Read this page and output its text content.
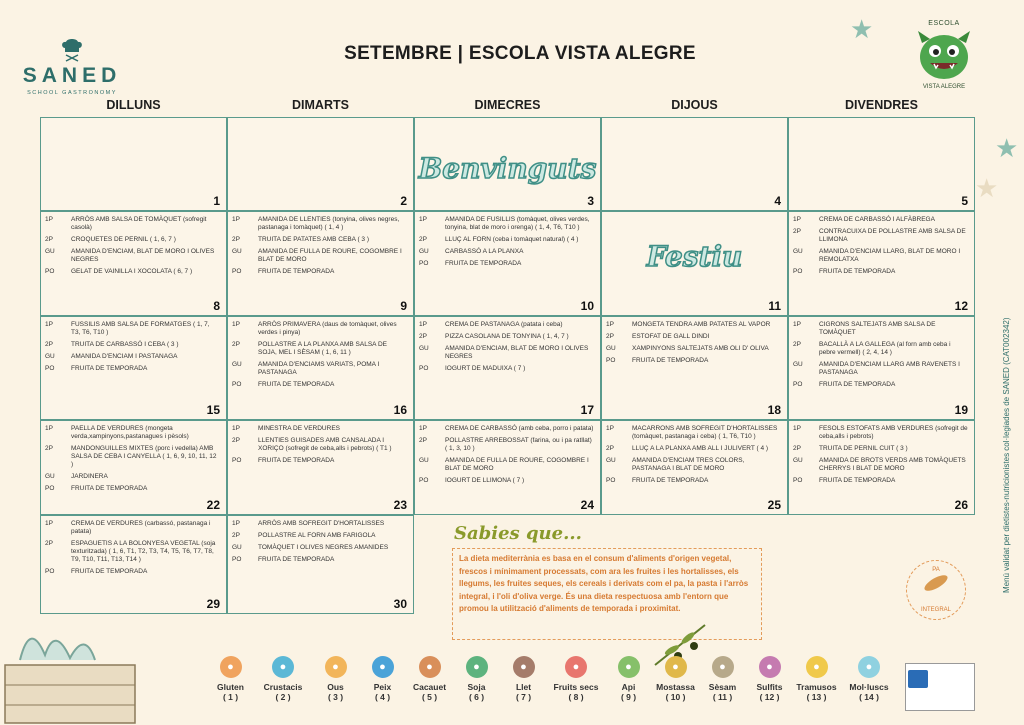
SANED
SCHOOL GASTRONOMY
SETEMBRE | ESCOLA VISTA ALEGRE
★
★
★
ESCOLA
VISTA ALEGRE
Menú validat per dietistes-nutricionistes col·legiades de SANED (CAT002342)
DILLUNS	DIMARTS	DIMECRES	DIJOUS	DIVENDRES
1	2
Benvinguts
3	4	5
1P	ARRÒS AMB SALSA DE TOMÀQUET (sofregit casolà)
2P	CROQUETES DE PERNIL ( 1, 6, 7 )
GU	AMANIDA D'ENCIAM, BLAT DE MORO I OLIVES NEGRES
PO	GELAT DE VAINILLA I XOCOLATA ( 6, 7 )
8
1P	AMANIDA DE LLENTIES (tonyina, olives negres, pastanaga i tomàquet) ( 1, 4 )
2P	TRUITA DE PATATES AMB CEBA ( 3 )
GU	AMANIDA DE FULLA DE ROURE, COGOMBRE I BLAT DE MORO
PO	FRUITA DE TEMPORADA
9
1P	AMANIDA DE FUSILLIS (tomàquet, olives verdes, tonyina, blat de moro i orenga) ( 1, 4, T6, T10 )
2P	LLUÇ AL FORN (ceba i tomàquet natural) ( 4 )
GU	CARBASSÓ A LA PLANXA
PO	FRUITA DE TEMPORADA
10
Festiu
11
1P	CREMA DE CARBASSÓ I ALFÀBREGA
2P	CONTRACUIXA DE POLLASTRE AMB SALSA DE LLIMONA
GU	AMANIDA D'ENCIAM LLARG, BLAT DE MORO I REMOLATXA
PO	FRUITA DE TEMPORADA
12
1P	FUSSILIS AMB SALSA DE FORMATGES ( 1, 7, T3, T6, T10 )
2P	TRUITA DE CARBASSÓ I CEBA ( 3 )
GU	AMANIDA D'ENCIAM I PASTANAGA
PO	FRUITA DE TEMPORADA
15
1P	ARRÒS PRIMAVERA (daus de tomàquet, olives verdes i pinya)
2P	POLLASTRE A LA PLANXA AMB SALSA DE SOJA, MEL I SÈSAM ( 1, 6, 11 )
GU	AMANIDA D'ENCIAMS VARIATS, POMA I PASTANAGA
PO	FRUITA DE TEMPORADA
16
1P	CREMA DE PASTANAGA (patata i ceba)
2P	PIZZA CASOLANA DE TONYINA ( 1, 4, 7 )
GU	AMANIDA D'ENCIAM, BLAT DE MORO I OLIVES NEGRES
PO	IOGURT DE MADUIXA ( 7 )
17
1P	MONGETA TENDRA AMB PATATES AL VAPOR
2P	ESTOFAT DE GALL DINDI
GU	XAMPINYONS SALTEJATS AMB OLI D' OLIVA
PO	FRUITA DE TEMPORADA
18
1P	CIGRONS SALTEJATS AMB SALSA DE TOMÀQUET
2P	BACALLÀ A LA GALLEGA (al forn amb ceba i pebre vermell) ( 2, 4, 14 )
GU	AMANIDA D'ENCIAM LLARG AMB RAVENETS I PASTANAGA
PO	FRUITA DE TEMPORADA
19
1P	PAELLA DE VERDURES (mongeta verda,xampinyons,pastanagues i pèsols)
2P	MANDONGUILLES MIXTES (porc i vedella) AMB SALSA DE CEBA I CANYELLA ( 1, 6, 9, 10, 11, 12 )
GU	JARDINERA
PO	FRUITA DE TEMPORADA
22
1P	MINESTRA DE VERDURES
2P	LLENTIES GUISADES AMB CANSALADA I XORIÇO (sofregit de ceba,alls i pebrots) ( T1 )
PO	FRUITA DE TEMPORADA
23
1P	CREMA DE CARBASSÓ (amb ceba, porro i patata)
2P	POLLASTRE ARREBOSSAT (farina, ou i pa ratllat) ( 1, 3, 10 )
GU	AMANIDA DE FULLA DE ROURE, COGOMBRE I BLAT DE MORO
PO	IOGURT DE LLIMONA ( 7 )
24
1P	MACARRONS AMB SOFREGIT D'HORTALISSES (tomàquet, pastanaga i ceba) ( 1, T6, T10 )
2P	LLUÇ A LA PLANXA AMB ALL I JULIVERT ( 4 )
GU	AMANIDA D'ENCIAM TRES COLORS, PASTANAGA I BLAT DE MORO
PO	FRUITA DE TEMPORADA
25
1P	FESOLS ESTOFATS AMB VERDURES (sofregit de ceba,alls i pebrots)
2P	TRUITA DE PERNIL CUIT ( 3 )
GU	AMANIDA DE BROTS VERDS AMB TOMÀQUETS CHERRYS I BLAT DE MORO
PO	FRUITA DE TEMPORADA
26
1P	CREMA DE VERDURES (carbassó, pastanaga i patata)
2P	ESPAGUETIS A LA BOLONYESA VEGETAL (soja texturitzada) ( 1, 6, T1, T2, T3, T4, T5, T6, T7, T8, T9, T10, T11, T13, T14 )
PO	FRUITA DE TEMPORADA
29
1P	ARRÒS AMB SOFREGIT D'HORTALISSES
2P	POLLASTRE AL FORN AMB FARIGOLA
GU	TOMÀQUET I OLIVES NEGRES AMANIDES
PO	FRUITA DE TEMPORADA
30
Sabies que...
La dieta mediterrània es basa en el consum d'aliments d'origen vegetal, frescos i mínimament processats, com ara les fruites i les hortalisses, els llegums, les fruites seques, els cereals i derivats com el pa, la pasta i l'arròs integral, i l'oli d'oliva verge. És una dieta respectuosa amb l'entorn que promou la utilització d'aliments de temporada i proximitat.
PA
INTEGRAL
●
Gluten
( 1 )
●
Crustacis
( 2 )
●
Ous
( 3 )
●
Peix
( 4 )
●
Cacauet
( 5 )
●
Soja
( 6 )
●
Llet
( 7 )
●
Fruits secs
( 8 )
●
Api
( 9 )
●
Mostassa
( 10 )
●
Sèsam
( 11 )
●
Sulfits
( 12 )
●
Tramusos
( 13 )
●
Mol·luscs
( 14 )
